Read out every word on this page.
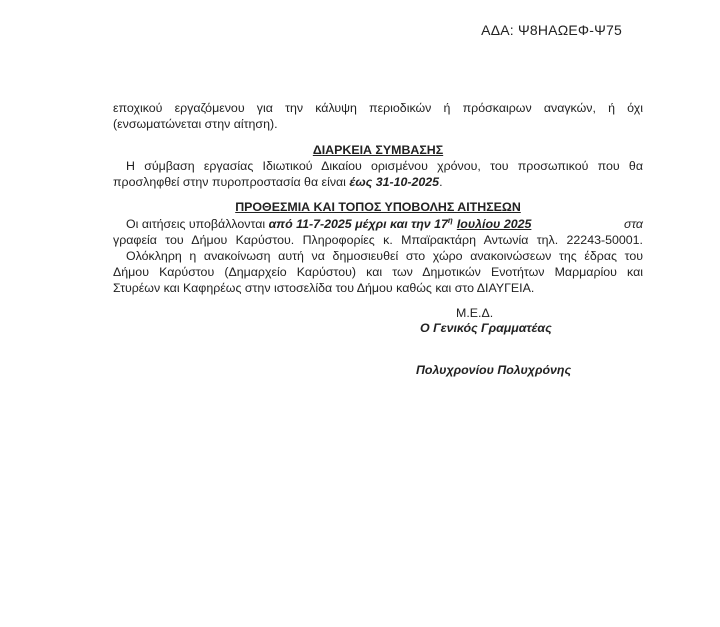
ΑΔΑ: Ψ8ΗΑΩΕΦ-Ψ75
εποχικού εργαζόμενου για την κάλυψη περιοδικών ή πρόσκαιρων αναγκών, ή όχι
(ενσωματώνεται στην αίτηση).
ΔΙΑΡΚΕΙΑ ΣΥΜΒΑΣΗΣ
Η σύμβαση εργασίας Ιδιωτικού Δικαίου ορισμένου χρόνου, του προσωπικού που θα
προσληφθεί στην πυροπροστασία θα είναι έως 31-10-2025.
ΠΡΟΘΕΣΜΙΑ ΚΑΙ ΤΟΠΟΣ ΥΠΟΒΟΛΗΣ ΑΙΤΗΣΕΩΝ
Οι αιτήσεις υποβάλλονται από 11-7-2025 μέχρι και την $17^\eta$ Ιουλίου 2025	στα
γραφεία του Δήμου Καρύστου. Πληροφορίες κ. Μπαϊρακτάρη Αντωνία τηλ. 22243-50001.
Ολόκληρη η ανακοίνωση αυτή να δημοσιευθεί στο χώρο ανακοινώσεων της έδρας του
Δήμου Καρύστου (Δημαρχείο Καρύστου) και των Δημοτικών Ενοτήτων Μαρμαρίου και
Στυρέων και Καφηρέως στην ιστοσελίδα του Δήμου καθώς και στο ΔΙΑΥΓΕΙΑ.
Μ.Ε.Δ.
Ο Γενικός Γραμματέας
Πολυχρονίου Πολυχρόνης
